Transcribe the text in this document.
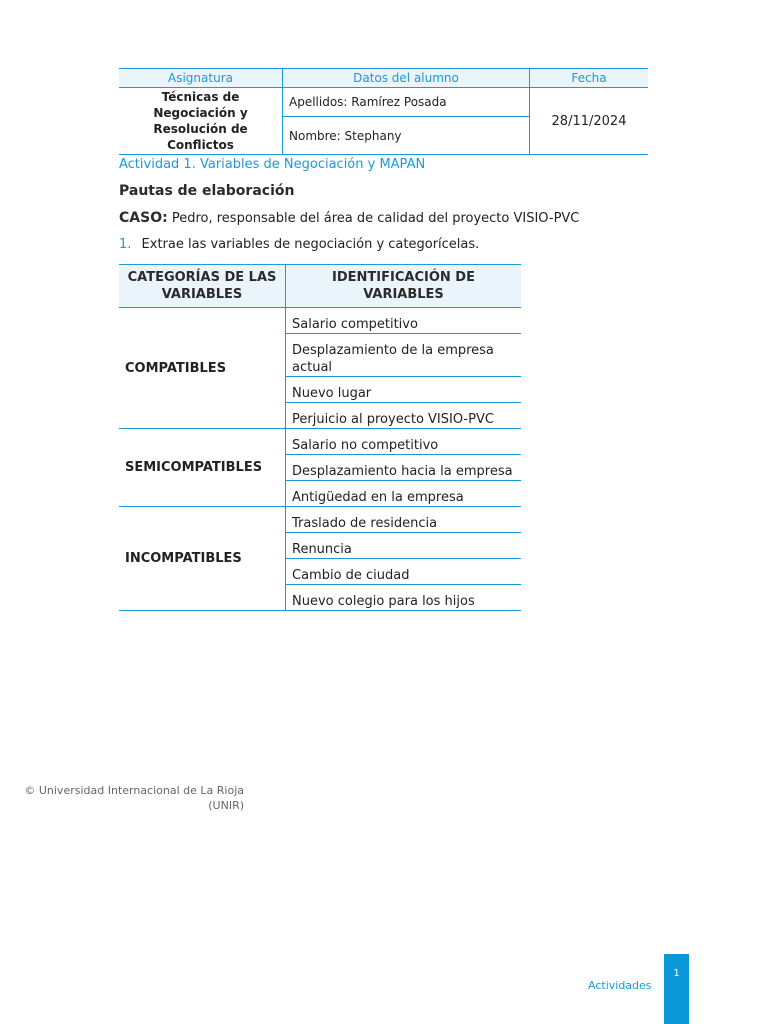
Asignatura	Datos del alumno	Fecha
Técnicas de Negociación y Resolución de Conflictos	Apellidos: Ramírez Posada	28/11/2024
	Nombre: Stephany	
Actividad 1. Variables de Negociación y MAPAN
Pautas de elaboración
CASO: Pedro, responsable del área de calidad del proyecto VISIO-PVC
1. Extrae las variables de negociación y categorícelas.
CATEGORÍAS DE LAS VARIABLES	IDENTIFICACIÓN DE VARIABLES
COMPATIBLES	Salario competitivo
	Desplazamiento de la empresa actual
	Nuevo lugar
	Perjuicio al proyecto VISIO-PVC
SEMICOMPATIBLES	Salario no competitivo
	Desplazamiento hacia la empresa
	Antigüedad en la empresa
INCOMPATIBLES	Traslado de residencia
	Renuncia
	Cambio de ciudad
	Nuevo colegio para los hijos
© Universidad Internacional de La Rioja
(UNIR)
Actividades
1
